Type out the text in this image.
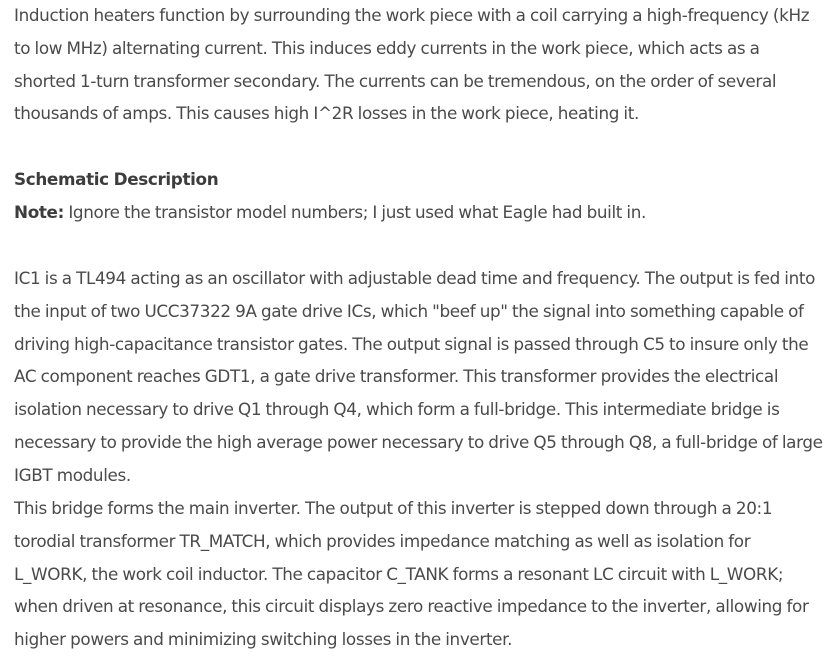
Induction heaters function by surrounding the work piece with a coil carrying a high-frequency (kHz to low MHz) alternating current. This induces eddy currents in the work piece, which acts as a shorted 1-turn transformer secondary. The currents can be tremendous, on the order of several thousands of amps. This causes high I^2R losses in the work piece, heating it.

Schematic Description

Note: Ignore the transistor model numbers; I just used what Eagle had built in.

IC1 is a TL494 acting as an oscillator with adjustable dead time and frequency. The output is fed into the input of two UCC37322 9A gate drive ICs, which "beef up" the signal into something capable of driving high-capacitance transistor gates. The output signal is passed through C5 to insure only the AC component reaches GDT1, a gate drive transformer. This transformer provides the electrical isolation necessary to drive Q1 through Q4, which form a full-bridge. This intermediate bridge is necessary to provide the high average power necessary to drive Q5 through Q8, a full-bridge of large IGBT modules.

This bridge forms the main inverter. The output of this inverter is stepped down through a 20:1 torodial transformer TR_MATCH, which provides impedance matching as well as isolation for L_WORK, the work coil inductor. The capacitor C_TANK forms a resonant LC circuit with L_WORK; when driven at resonance, this circuit displays zero reactive impedance to the inverter, allowing for higher powers and minimizing switching losses in the inverter.
